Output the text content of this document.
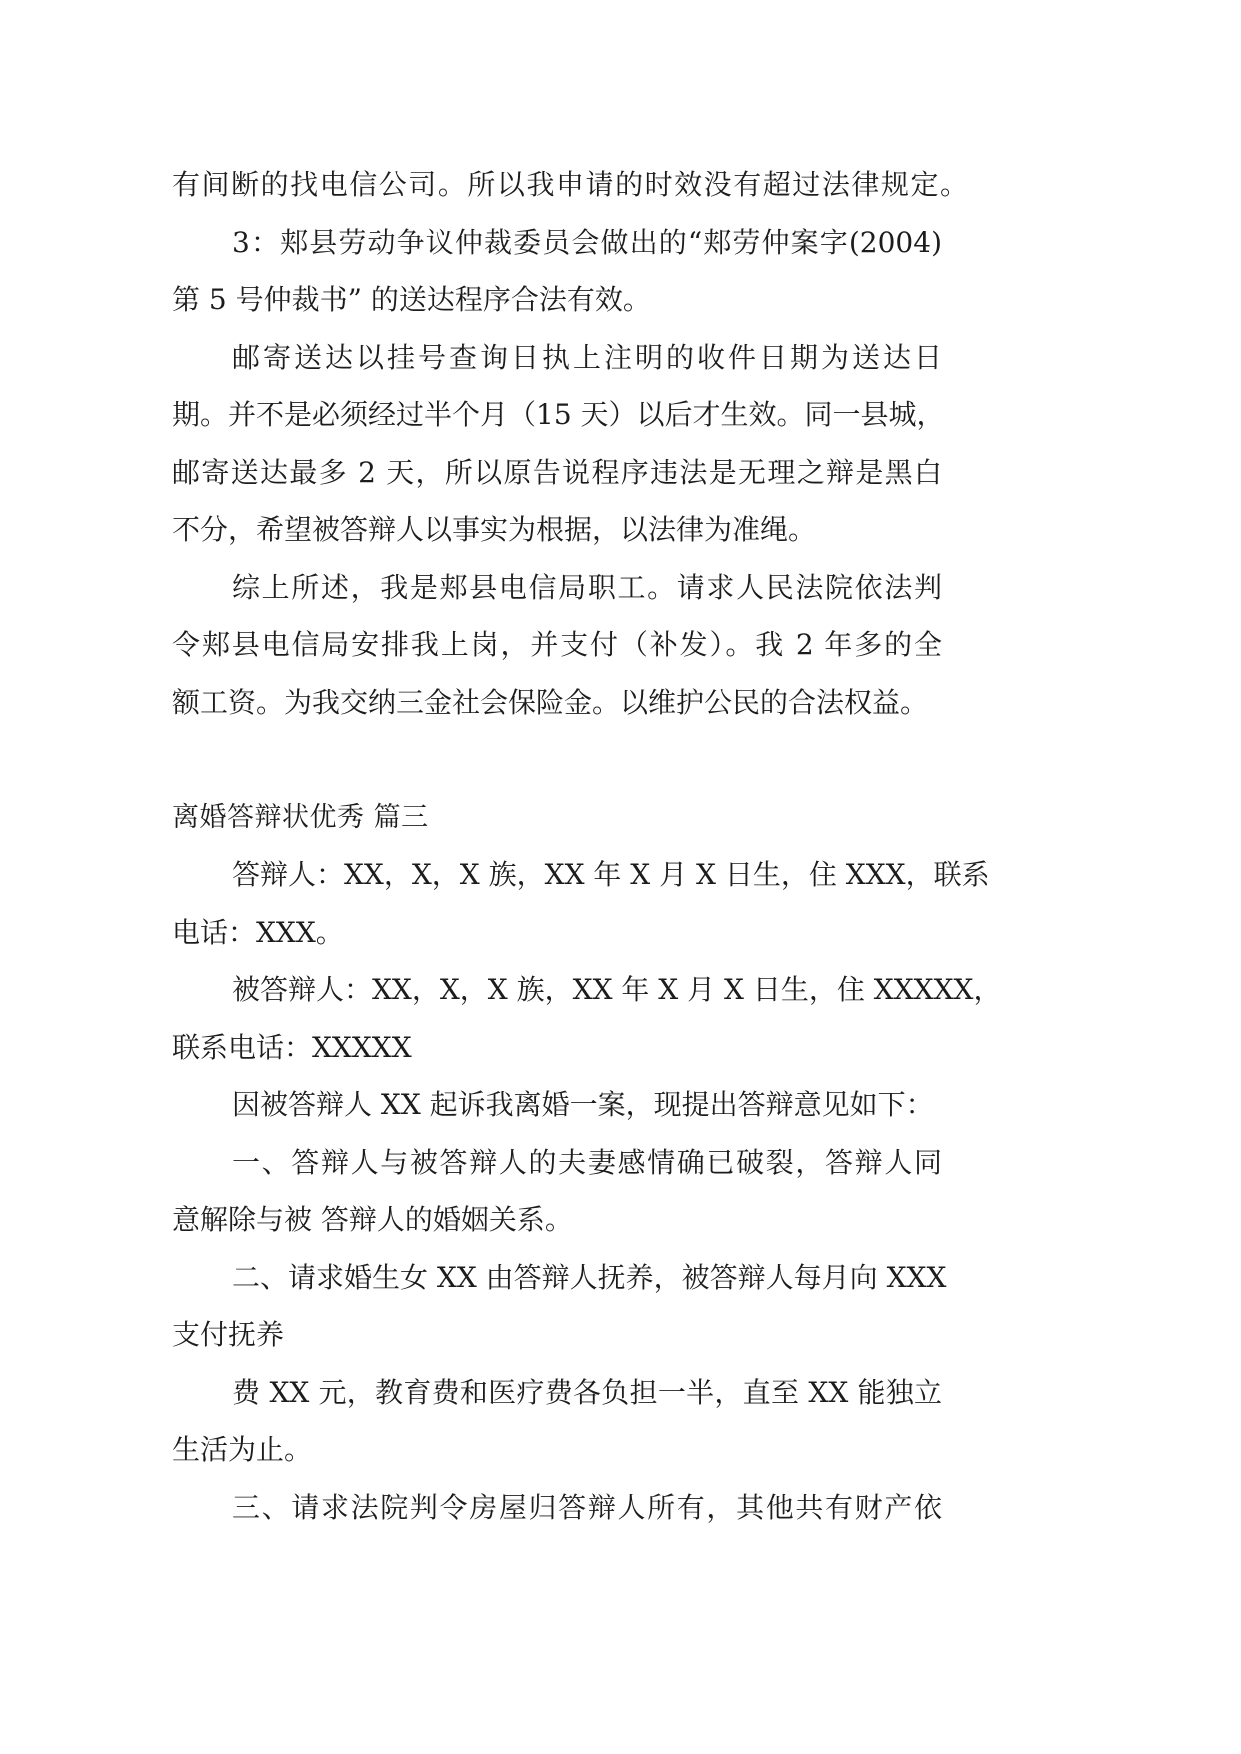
有间断的找电信公司。所以我申请的时效没有超过法律规定。
3：郏县劳动争议仲裁委员会做出的“郏劳仲案字(2004)
第 5 号仲裁书” 的送达程序合法有效。
邮寄送达以挂号查询日执上注明的收件日期为送达日
期。并不是必须经过半个月（15 天）以后才生效。同一县城，
邮寄送达最多 2 天，所以原告说程序违法是无理之辩是黑白
不分，希望被答辩人以事实为根据，以法律为准绳。
综上所述，我是郏县电信局职工。请求人民法院依法判
令郏县电信局安排我上岗，并支付（补发）。我 2 年多的全
额工资。为我交纳三金社会保险金。以维护公民的合法权益。
离婚答辩状优秀 篇三
答辩人：XX，X，X 族，XX 年 X 月 X 日生，住 XXX，联系
电话：XXX。
被答辩人：XX，X，X 族，XX 年 X 月 X 日生，住 XXXXX，
联系电话：XXXXX
因被答辩人 XX 起诉我离婚一案，现提出答辩意见如下：
一、答辩人与被答辩人的夫妻感情确已破裂，答辩人同
意解除与被 答辩人的婚姻关系。
二、请求婚生女 XX 由答辩人抚养，被答辩人每月向 XXX
支付抚养
费 XX 元，教育费和医疗费各负担一半，直至 XX 能独立
生活为止。
三、请求法院判令房屋归答辩人所有，其他共有财产依
